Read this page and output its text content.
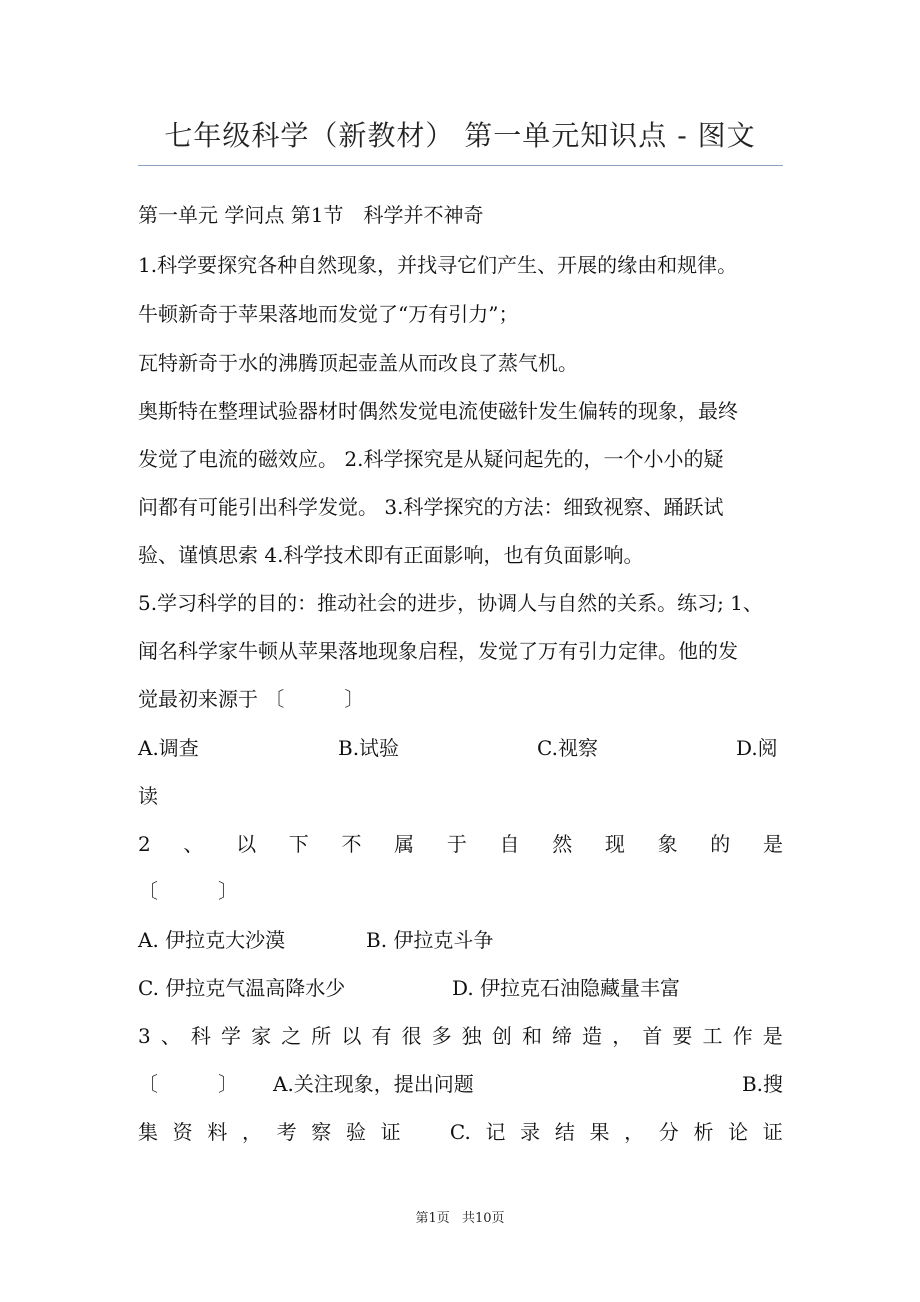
七年级科学（新教材） 第一单元知识点 - 图文
第一单元 学问点 第1节　科学并不神奇
1.科学要探究各种自然现象，并找寻它们产生、开展的缘由和规律。
牛顿新奇于苹果落地而发觉了“万有引力”；
瓦特新奇于水的沸腾顶起壶盖从而改良了蒸气机。
奥斯特在整理试验器材时偶然发觉电流使磁针发生偏转的现象，最终
发觉了电流的磁效应。 2.科学探究是从疑问起先的，一个小小的疑
问都有可能引出科学发觉。 3.科学探究的方法：细致视察、踊跃试
验、谨慎思索 4.科学技术即有正面影响，也有负面影响。
5.学习科学的目的：推动社会的进步，协调人与自然的关系。练习; 1、
闻名科学家牛顿从苹果落地现象启程，发觉了万有引力定律。他的发
觉最初来源于 〔　　　〕
A.调查	B.试验	C.视察	D.阅
读
2 、 以 下 不 属 于 自 然 现 象 的 是
〔　　　〕
A. 伊拉克大沙漠	B. 伊拉克斗争
C. 伊拉克气温高降水少	D. 伊拉克石油隐藏量丰富
3 、 科 学 家 之 所 以 有 很 多 独 创 和 缔 造 ， 首 要 工 作 是
〔　　　〕 A.关注现象，提出问题	B.搜
集 资 料 ， 考 察 验 证
　 C. 记 录 结 果 ， 分 析 论 证
第1页 共10页
